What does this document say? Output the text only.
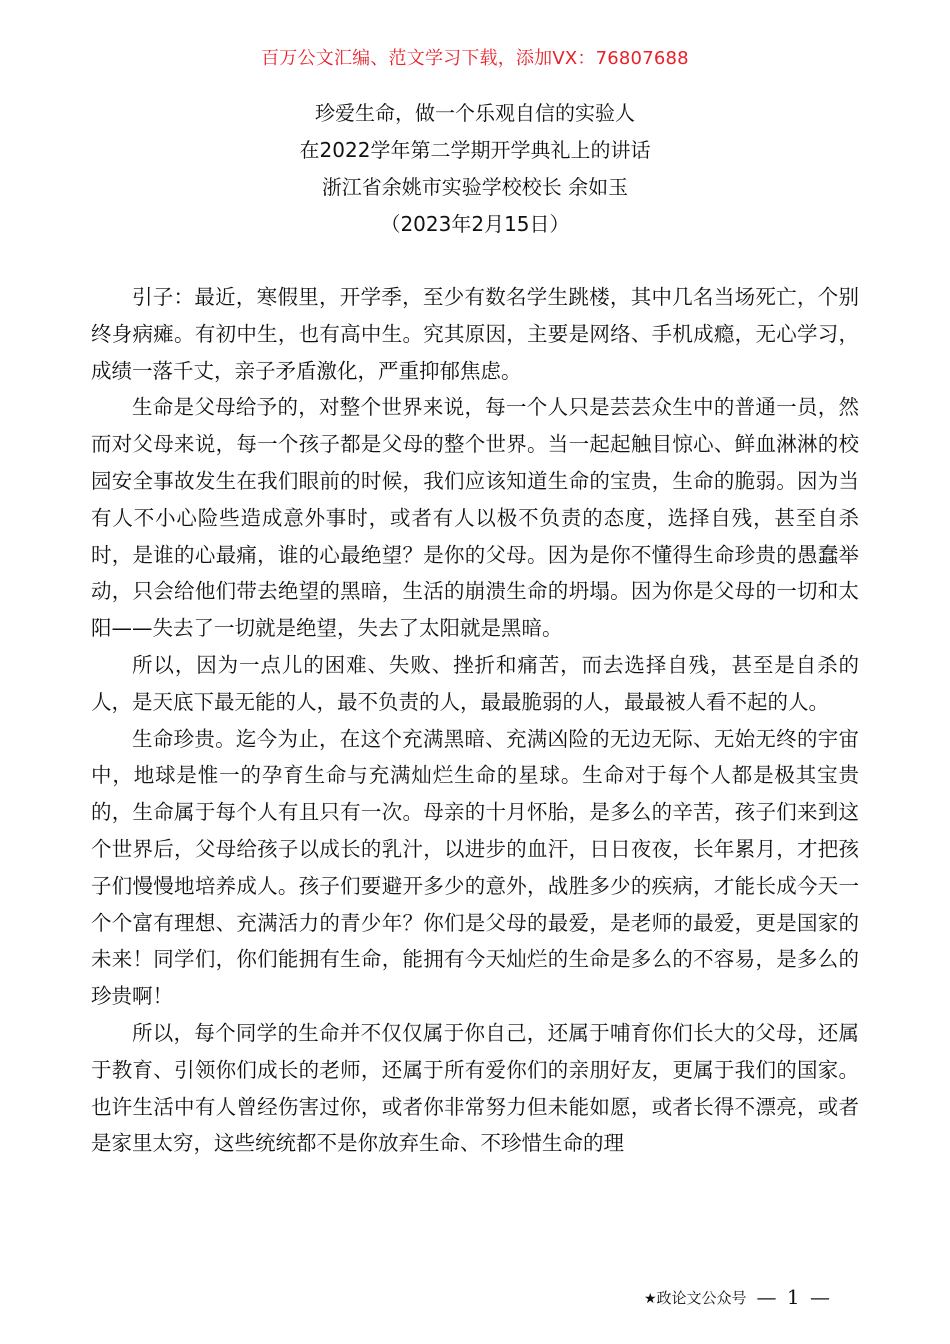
百万公文汇编、范文学习下载，添加VX：76807688
珍爱生命，做一个乐观自信的实验人
在2022学年第二学期开学典礼上的讲话
浙江省余姚市实验学校校长 余如玉
（2023年2月15日）

引子：最近，寒假里，开学季，至少有数名学生跳楼，其中几名当场死亡，个别终身病瘫。有初中生，也有高中生。究其原因，主要是网络、手机成瘾，无心学习，成绩一落千丈，亲子矛盾激化，严重抑郁焦虑。

生命是父母给予的，对整个世界来说，每一个人只是芸芸众生中的普通一员，然而对父母来说，每一个孩子都是父母的整个世界。当一起起触目惊心、鲜血淋淋的校园安全事故发生在我们眼前的时候，我们应该知道生命的宝贵，生命的脆弱。因为当有人不小心险些造成意外事时，或者有人以极不负责的态度，选择自残，甚至自杀时，是谁的心最痛，谁的心最绝望？是你的父母。因为是你不懂得生命珍贵的愚蠢举动，只会给他们带去绝望的黑暗，生活的崩溃生命的坍塌。因为你是父母的一切和太阳——失去了一切就是绝望，失去了太阳就是黑暗。

所以，因为一点儿的困难、失败、挫折和痛苦，而去选择自残，甚至是自杀的人，是天底下最无能的人，最不负责的人，最最脆弱的人，最最被人看不起的人。

生命珍贵。迄今为止，在这个充满黑暗、充满凶险的无边无际、无始无终的宇宙中，地球是惟一的孕育生命与充满灿烂生命的星球。生命对于每个人都是极其宝贵的，生命属于每个人有且只有一次。母亲的十月怀胎，是多么的辛苦，孩子们来到这个世界后，父母给孩子以成长的乳汁，以进步的血汗，日日夜夜，长年累月，才把孩子们慢慢地培养成人。孩子们要避开多少的意外，战胜多少的疾病，才能长成今天一个个富有理想、充满活力的青少年？你们是父母的最爱，是老师的最爱，更是国家的未来！同学们，你们能拥有生命，能拥有今天灿烂的生命是多么的不容易，是多么的珍贵啊！

所以，每个同学的生命并不仅仅属于你自己，还属于哺育你们长大的父母，还属于教育、引领你们成长的老师，还属于所有爱你们的亲朋好友，更属于我们的国家。也许生活中有人曾经伤害过你，或者你非常努力但未能如愿，或者长得不漂亮，或者是家里太穷，这些统统都不是你放弃生命、不珍惜生命的理

★政论文公众号 — 1 —
